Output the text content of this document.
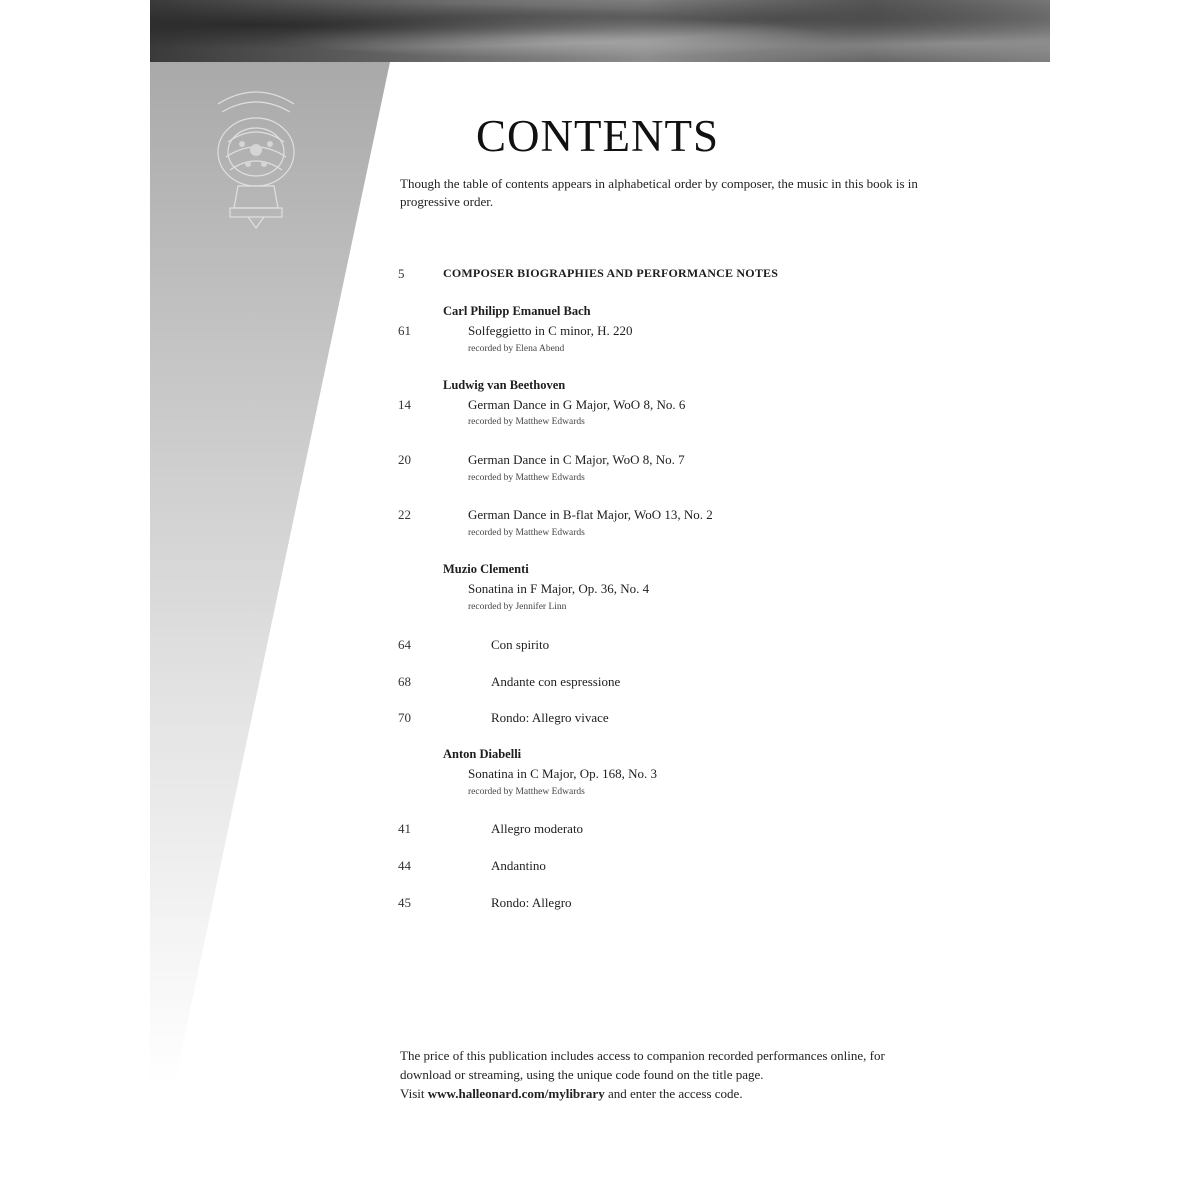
CONTENTS
Though the table of contents appears in alphabetical order by composer, the music in this book is in progressive order.
5	COMPOSER BIOGRAPHIES AND PERFORMANCE NOTES
Carl Philipp Emanuel Bach
61	Solfeggietto in C minor, H. 220
recorded by Elena Abend
Ludwig van Beethoven
14	German Dance in G Major, WoO 8, No. 6
recorded by Matthew Edwards
20	German Dance in C Major, WoO 8, No. 7
recorded by Matthew Edwards
22	German Dance in B-flat Major, WoO 13, No. 2
recorded by Matthew Edwards
Muzio Clementi
Sonatina in F Major, Op. 36, No. 4
recorded by Jennifer Linn
64	Con spirito
68	Andante con espressione
70	Rondo: Allegro vivace
Anton Diabelli
Sonatina in C Major, Op. 168, No. 3
recorded by Matthew Edwards
41	Allegro moderato
44	Andantino
45	Rondo: Allegro
The price of this publication includes access to companion recorded performances online, for download or streaming, using the unique code found on the title page.
Visit www.halleonard.com/mylibrary and enter the access code.
